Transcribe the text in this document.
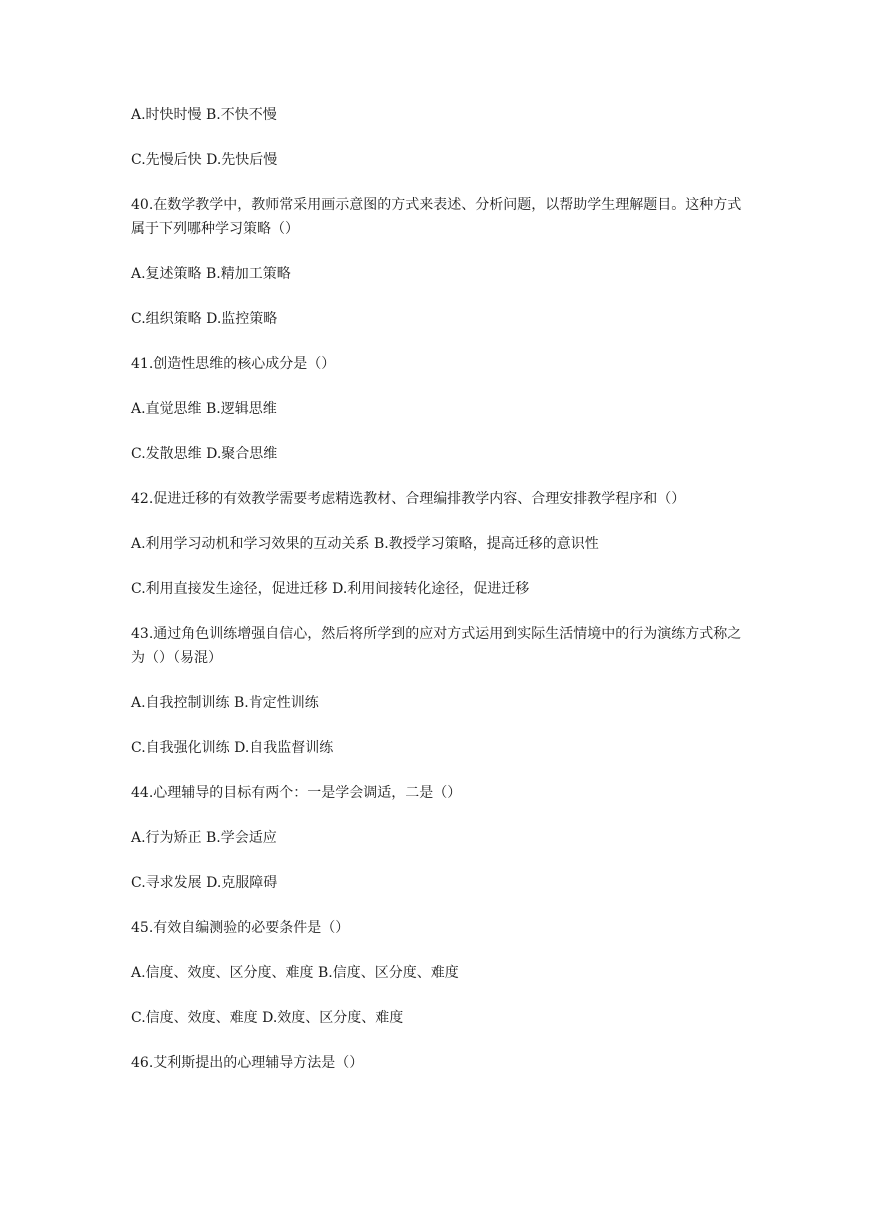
A.时快时慢 B.不快不慢

C.先慢后快 D.先快后慢

40.在数学教学中，教师常采用画示意图的方式来表述、分析问题，以帮助学生理解题目。这种方式属于下列哪种学习策略（）

A.复述策略 B.精加工策略

C.组织策略 D.监控策略

41.创造性思维的核心成分是（）

A.直觉思维 B.逻辑思维

C.发散思维 D.聚合思维

42.促进迁移的有效教学需要考虑精选教材、合理编排教学内容、合理安排教学程序和（）

A.利用学习动机和学习效果的互动关系 B.教授学习策略，提高迁移的意识性

C.利用直接发生途径，促进迁移 D.利用间接转化途径，促进迁移

43.通过角色训练增强自信心，然后将所学到的应对方式运用到实际生活情境中的行为演练方式称之为（）（易混）

A.自我控制训练 B.肯定性训练

C.自我强化训练 D.自我监督训练

44.心理辅导的目标有两个：一是学会调适，二是（）

A.行为矫正 B.学会适应

C.寻求发展 D.克服障碍

45.有效自编测验的必要条件是（）

A.信度、效度、区分度、难度 B.信度、区分度、难度

C.信度、效度、难度 D.效度、区分度、难度

46.艾利斯提出的心理辅导方法是（）
